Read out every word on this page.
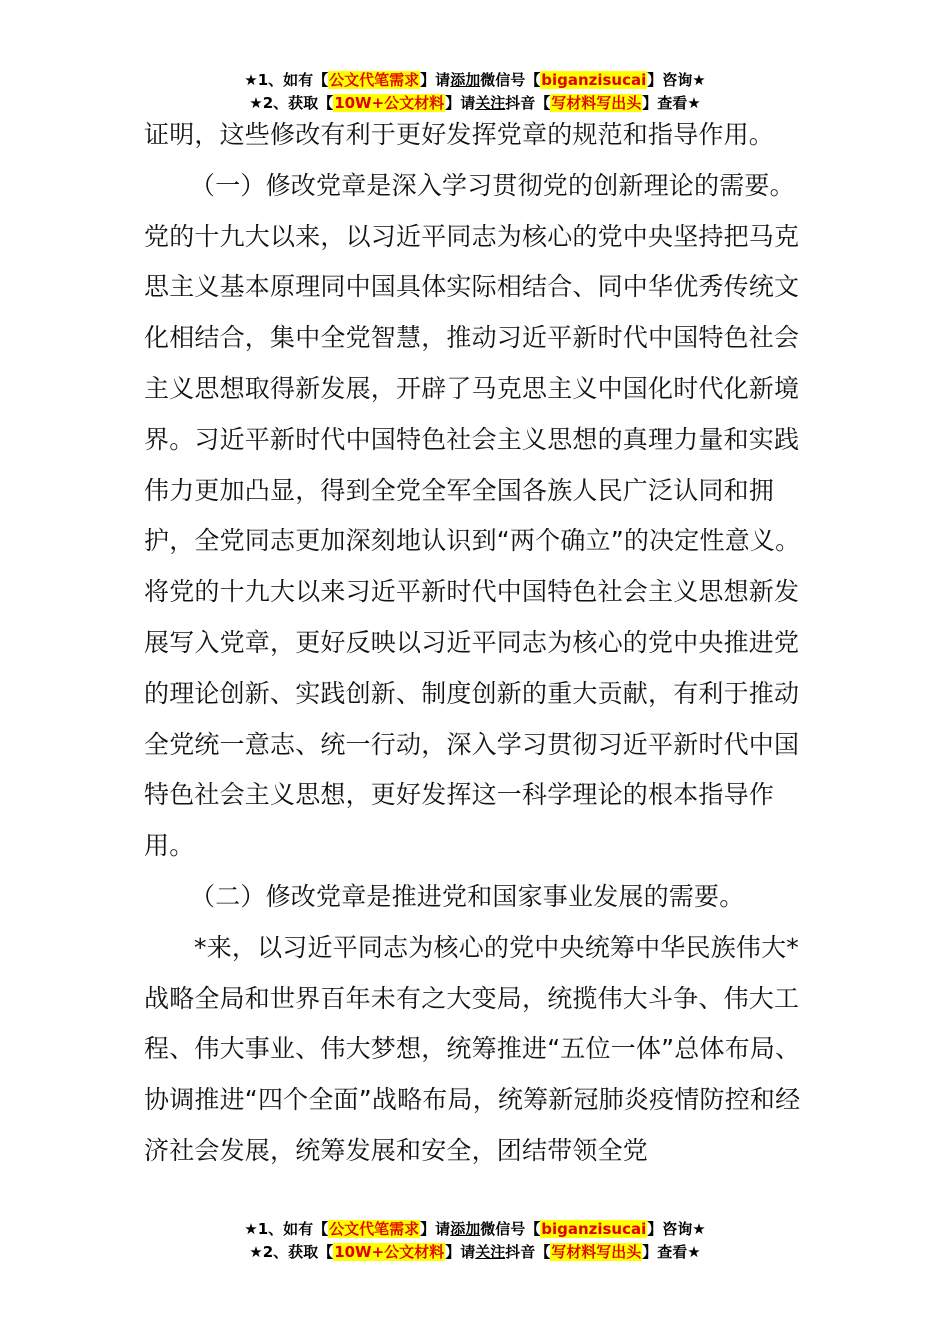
★1、如有【公文代笔需求】请添加微信号【biganzisucai】咨询★
★2、获取【10W+公文材料】请关注抖音【写材料写出头】查看★

证明，这些修改有利于更好发挥党章的规范和指导作用。

（一）修改党章是深入学习贯彻党的创新理论的需要。

党的十九大以来，以习近平同志为核心的党中央坚持把马克思主义基本原理同中国具体实际相结合、同中华优秀传统文化相结合，集中全党智慧，推动习近平新时代中国特色社会主义思想取得新发展，开辟了马克思主义中国化时代化新境界。习近平新时代中国特色社会主义思想的真理力量和实践伟力更加凸显，得到全党全军全国各族人民广泛认同和拥护，全党同志更加深刻地认识到“两个确立”的决定性意义。将党的十九大以来习近平新时代中国特色社会主义思想新发展写入党章，更好反映以习近平同志为核心的党中央推进党的理论创新、实践创新、制度创新的重大贡献，有利于推动全党统一意志、统一行动，深入学习贯彻习近平新时代中国特色社会主义思想，更好发挥这一科学理论的根本指导作用。

（二）修改党章是推进党和国家事业发展的需要。

*来，以习近平同志为核心的党中央统筹中华民族伟大*战略全局和世界百年未有之大变局，统揽伟大斗争、伟大工程、伟大事业、伟大梦想，统筹推进“五位一体”总体布局、协调推进“四个全面”战略布局，统筹新冠肺炎疫情防控和经济社会发展，统筹发展和安全，团结带领全党

★1、如有【公文代笔需求】请添加微信号【biganzisucai】咨询★
★2、获取【10W+公文材料】请关注抖音【写材料写出头】查看★
